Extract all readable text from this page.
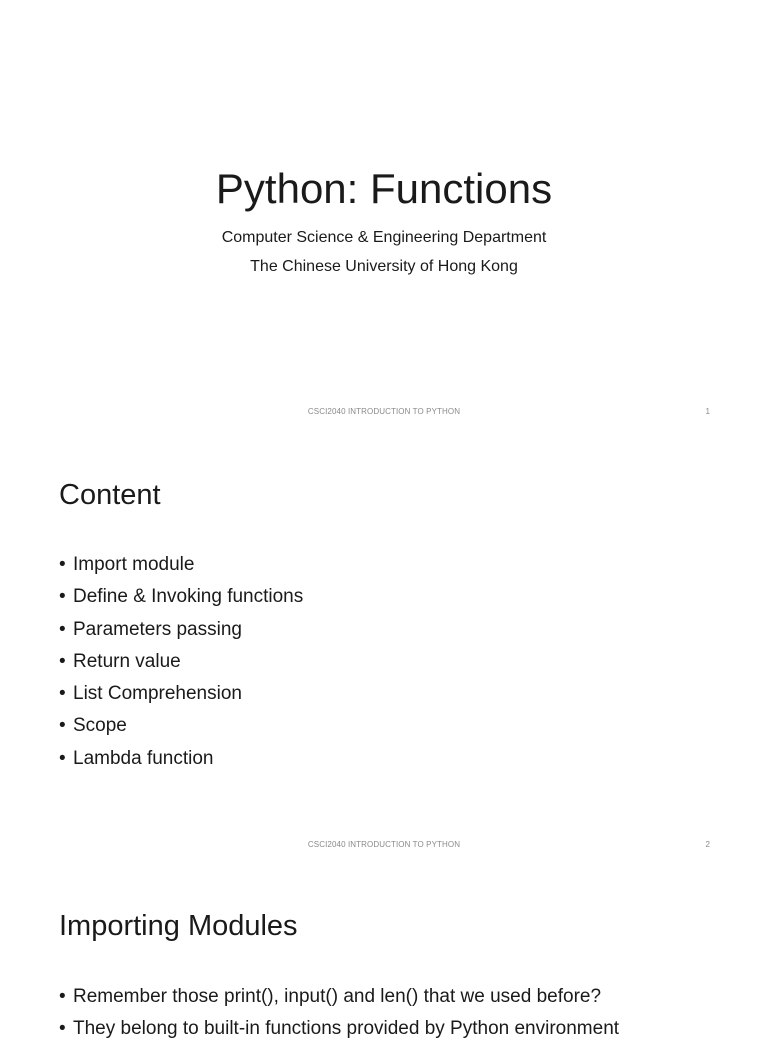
Python: Functions
Computer Science & Engineering Department
The Chinese University of Hong Kong
CSCI2040 INTRODUCTION TO PYTHON	1
Content
• Import module
• Define & Invoking functions
• Parameters passing
• Return value
• List Comprehension
• Scope
• Lambda function
CSCI2040 INTRODUCTION TO PYTHON	2
Importing Modules
• Remember those print(), input() and len() that we used before?
• They belong to built-in functions provided by Python environment
